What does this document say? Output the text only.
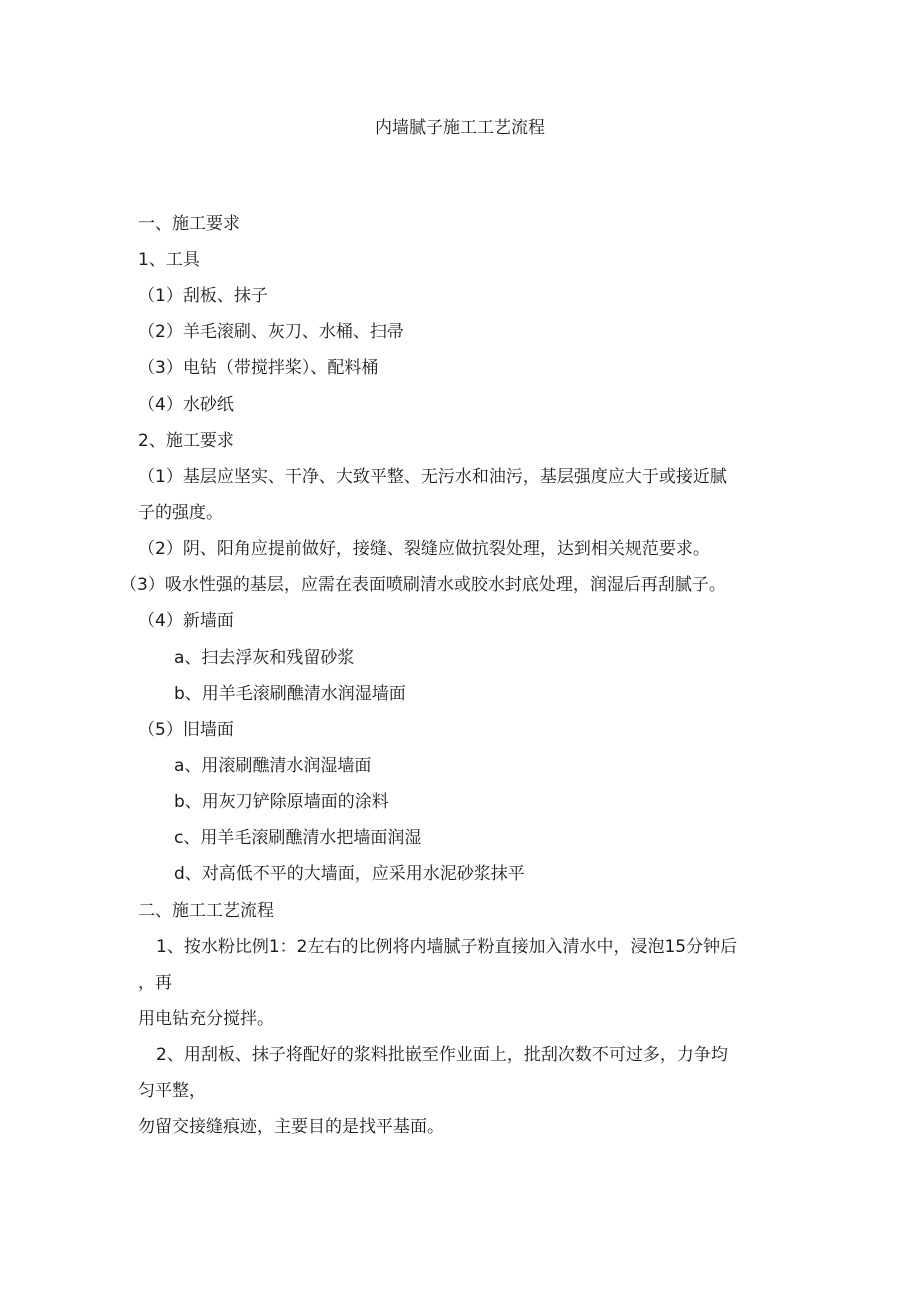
内墙腻子施工工艺流程
一、施工要求
1、工具
（1）刮板、抹子
（2）羊毛滚刷、灰刀、水桶、扫帚
（3）电钻（带搅拌桨）、配料桶
（4）水砂纸
2、施工要求
（1）基层应坚实、干净、大致平整、无污水和油污，基层强度应大于或接近腻
子的强度。
（2）阴、阳角应提前做好，接缝、裂缝应做抗裂处理，达到相关规范要求。
（3）吸水性强的基层，应需在表面喷刷清水或胶水封底处理，润湿后再刮腻子。
（4）新墙面
a、扫去浮灰和残留砂浆
b、用羊毛滚刷醮清水润湿墙面
（5）旧墙面
a、用滚刷醮清水润湿墙面
b、用灰刀铲除原墙面的涂料
c、用羊毛滚刷醮清水把墙面润湿
d、对高低不平的大墙面，应采用水泥砂浆抹平
二、施工工艺流程
1、按水粉比例1：2左右的比例将内墙腻子粉直接加入清水中，浸泡15分钟后
，再
用电钻充分搅拌。
2、用刮板、抹子将配好的浆料批嵌至作业面上，批刮次数不可过多，力争均
匀平整，
勿留交接缝痕迹，主要目的是找平基面。
